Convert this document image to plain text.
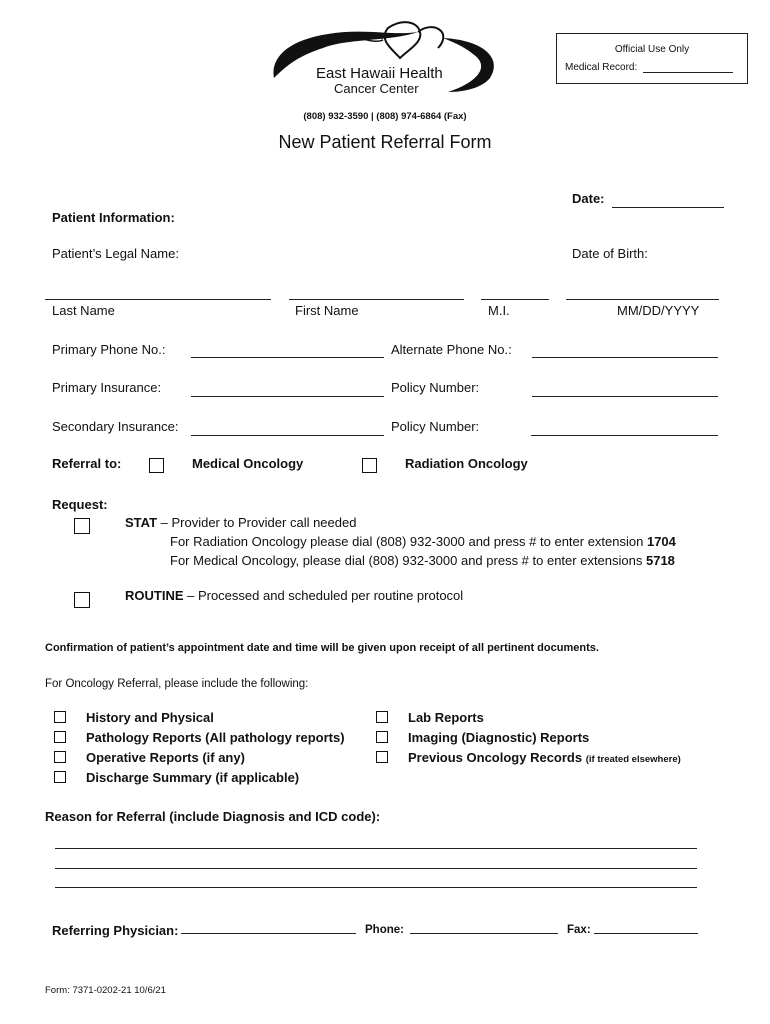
East Hawaii Health
Cancer Center
(808) 932-3590 | (808) 974-6864 (Fax)
New Patient Referral Form
Official Use Only
Medical Record:
Date:
Patient Information:
Patient’s Legal Name:	Date of Birth:
Last Name	First Name	M.I.	MM/DD/YYYY
Primary Phone No.:	Alternate Phone No.:
Primary Insurance:	Policy Number:
Secondary Insurance:	Policy Number:
Referral to:	Medical Oncology	Radiation Oncology
Request:
STAT – Provider to Provider call needed
For Radiation Oncology please dial (808) 932-3000 and press # to enter extension 1704
For Medical Oncology, please dial (808) 932-3000 and press # to enter extensions 5718
ROUTINE – Processed and scheduled per routine protocol
Confirmation of patient’s appointment date and time will be given upon receipt of all pertinent documents.
For Oncology Referral, please include the following:
History and Physical
Pathology Reports (All pathology reports)
Operative Reports (if any)
Discharge Summary (if applicable)
Lab Reports
Imaging (Diagnostic) Reports
Previous Oncology Records (if treated elsewhere)
Reason for Referral (include Diagnosis and ICD code):
Referring Physician:	Phone:	Fax:
Form: 7371-0202-21 10/6/21
